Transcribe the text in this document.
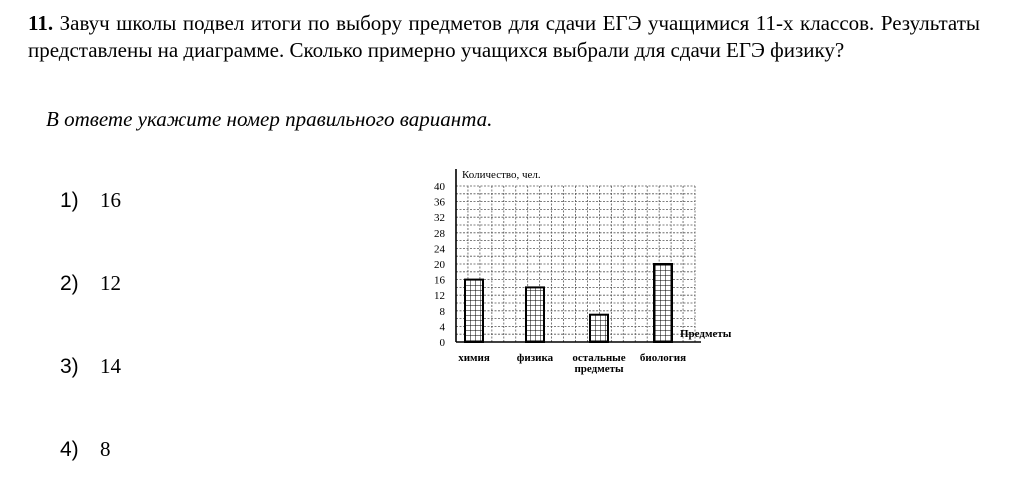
11. Завуч школы подвел итоги по выбору предметов для сдачи ЕГЭ учащимися 11-х классов. Результаты представлены на диаграмме. Сколько примерно учащихся выбрали для сдачи ЕГЭ физику?
В ответе укажите номер правильного варианта.
1)	16
2)	12
3)	14
4)	8
0
4
8
12
16
20
24
28
32
36
40
Количество, чел.
Предметы
химия физика остальные
предметы
биология
